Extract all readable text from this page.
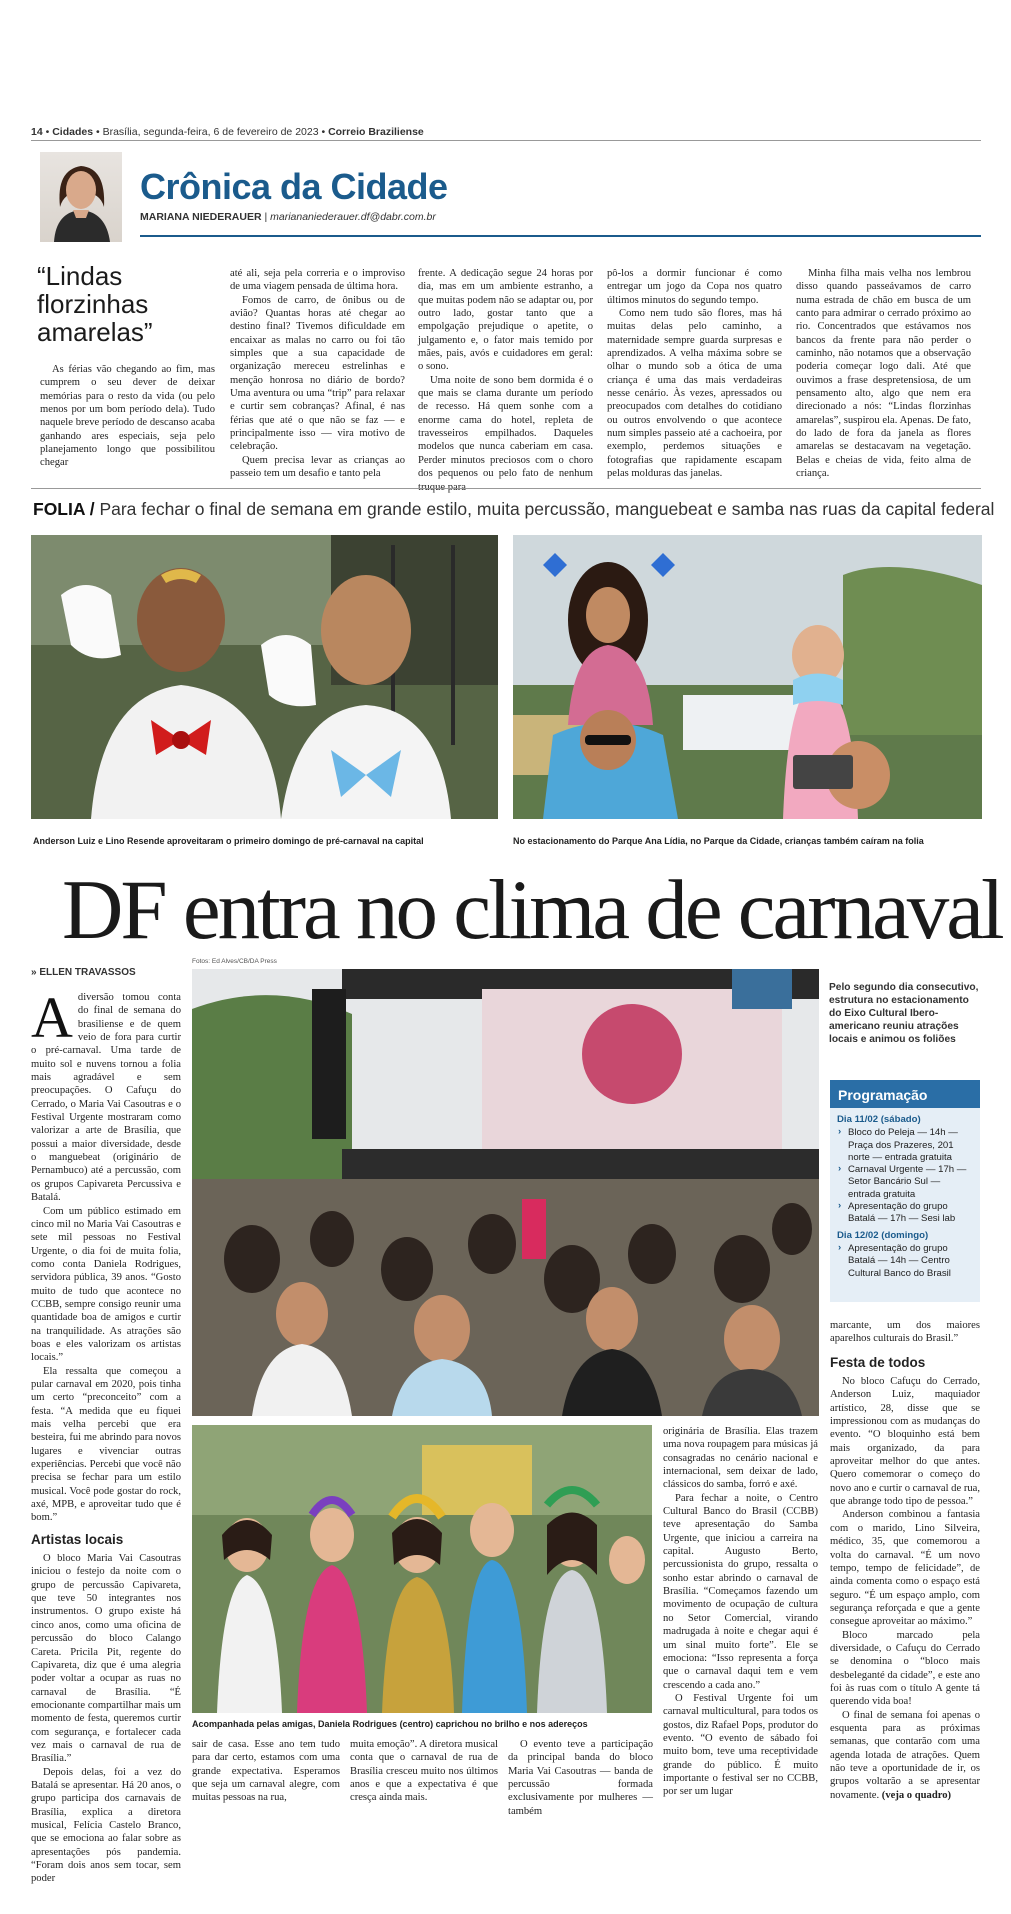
14 • Cidades • Brasília, segunda-feira, 6 de fevereiro de 2023 • Correio Braziliense
Crônica da Cidade
MARIANA NIEDERAUER | mariananiederauer.df@dabr.com.br
“Lindas florzinhas amarelas”

As férias vão chegando ao fim, mas cumprem o seu dever de deixar memórias para o resto da vida (ou pelo menos por um bom período dela). Tudo naquele breve período de descanso acaba ganhando ares especiais, seja pelo planejamento longo que possibilitou chegar

até ali, seja pela correria e o improviso de uma viagem pensada de última hora.

Fomos de carro, de ônibus ou de avião? Quantas horas até chegar ao destino final? Tivemos dificuldade em encaixar as malas no carro ou foi tão simples que a sua capacidade de organização mereceu estrelinhas e menção honrosa no diário de bordo? Uma aventura ou uma “trip” para relaxar e curtir sem cobranças? Afinal, é nas férias que até o que não se faz — e principalmente isso — vira motivo de celebração.

Quem precisa levar as crianças ao passeio tem um desafio e tanto pela

frente. A dedicação segue 24 horas por dia, mas em um ambiente estranho, a que muitas podem não se adaptar ou, por outro lado, gostar tanto que a empolgação prejudique o apetite, o julgamento e, o fator mais temido por mães, pais, avós e cuidadores em geral: o sono.

Uma noite de sono bem dormida é o que mais se clama durante um período de recesso. Há quem sonhe com a enorme cama do hotel, repleta de travesseiros empilhados. Daqueles modelos que nunca caberiam em casa. Perder minutos preciosos com o choro dos pequenos ou pelo fato de nenhum truque para

pô-los a dormir funcionar é como entregar um jogo da Copa nos quatro últimos minutos do segundo tempo.

Como nem tudo são flores, mas há muitas delas pelo caminho, a maternidade sempre guarda surpresas e aprendizados. A velha máxima sobre se olhar o mundo sob a ótica de uma criança é uma das mais verdadeiras nesse cenário. Às vezes, apressados ou preocupados com detalhes do cotidiano ou outros envolvendo o que acontece num simples passeio até a cachoeira, por exemplo, perdemos situações e fotografias que rapidamente escapam pelas molduras das janelas.

Minha filha mais velha nos lembrou disso quando passeávamos de carro numa estrada de chão em busca de um canto para admirar o cerrado próximo ao rio. Concentrados que estávamos nos bancos da frente para não perder o caminho, não notamos que a observação poderia começar logo dali. Até que ouvimos a frase despretensiosa, de um pensamento alto, algo que nem era direcionado a nós: “Lindas florzinhas amarelas”, suspirou ela. Apenas. De fato, do lado de fora da janela as flores amarelas se destacavam na vegetação. Belas e cheias de vida, feito alma de criança.

FOLIA / Para fechar o final de semana em grande estilo, muita percussão, manguebeat e samba nas ruas da capital federal
Anderson Luiz e Lino Resende aproveitaram o primeiro domingo de pré-carnaval na capital	No estacionamento do Parque Ana Lídia, no Parque da Cidade, crianças também caíram na folia
DF entra no clima de carnaval
» ELLEN TRAVASSOS
Fotos: Ed Alves/CB/DA Press

A diversão tomou conta do final de semana do brasiliense e de quem veio de fora para curtir o pré-carnaval. Uma tarde de muito sol e nuvens tornou a folia mais agradável e sem preocupações. O Cafuçu do Cerrado, o Maria Vai Casoutras e o Festival Urgente mostraram como valorizar a arte de Brasília, que possui a maior diversidade, desde o manguebeat (originário de Pernambuco) até a percussão, com os grupos Capivareta Percussiva e Batalá.

Com um público estimado em cinco mil no Maria Vai Casoutras e sete mil pessoas no Festival Urgente, o dia foi de muita folia, como conta Daniela Rodrigues, servidora pública, 39 anos. “Gosto muito de tudo que acontece no CCBB, sempre consigo reunir uma quantidade boa de amigos e curtir na tranquilidade. As atrações são boas e eles valorizam os artistas locais.”

Ela ressalta que começou a pular carnaval em 2020, pois tinha um certo “preconceito” com a festa. “A medida que eu fiquei mais velha percebi que era besteira, fui me abrindo para novos lugares e vivenciar outras experiências. Percebi que você não precisa se fechar para um estilo musical. Você pode gostar do rock, axé, MPB, e aproveitar tudo que é bom.”

Artistas locais

O bloco Maria Vai Casoutras iniciou o festejo da noite com o grupo de percussão Capivareta, que teve 50 integrantes nos instrumentos. O grupo existe há cinco anos, como uma oficina de percussão do bloco Calango Careta. Pricila Pit, regente do Capivareta, diz que é uma alegria poder voltar a ocupar as ruas no carnaval de Brasília. “É emocionante compartilhar mais um momento de festa, queremos curtir com segurança, e fortalecer cada vez mais o carnaval de rua de Brasília.”

Depois delas, foi a vez do Batalá se apresentar. Há 20 anos, o grupo participa dos carnavais de Brasília, explica a diretora musical, Felícia Castelo Branco, que se emociona ao falar sobre as apresentações pós pandemia. “Foram dois anos sem tocar, sem poder

Pelo segundo dia consecutivo, estrutura no estacionamento do Eixo Cultural Ibero-americano reuniu atrações locais e animou os foliões
Programação
Dia 11/02 (sábado)
› Bloco do Peleja — 14h — Praça dos Prazeres, 201 norte — entrada gratuita
› Carnaval Urgente — 17h — Setor Bancário Sul — entrada gratuita
› Apresentação do grupo Batalá — 17h — Sesi lab
Dia 12/02 (domingo)
› Apresentação do grupo Batalá — 14h — Centro Cultural Banco do Brasil
Acompanhada pelas amigas, Daniela Rodrigues (centro) caprichou no brilho e nos adereços

sair de casa. Esse ano tem tudo para dar certo, estamos com uma grande expectativa. Esperamos que seja um carnaval alegre, com muitas pessoas na rua,

muita emoção”. A diretora musical conta que o carnaval de rua de Brasília cresceu muito nos últimos anos e que a expectativa é que cresça ainda mais.

O evento teve a participação da principal banda do bloco Maria Vai Casoutras — banda de percussão formada exclusivamente por mulheres — também

originária de Brasília. Elas trazem uma nova roupagem para músicas já consagradas no cenário nacional e internacional, sem deixar de lado, clássicos do samba, forró e axé.

Para fechar a noite, o Centro Cultural Banco do Brasil (CCBB) teve apresentação do Samba Urgente, que iniciou a carreira na capital. Augusto Berto, percussionista do grupo, ressalta o sonho estar abrindo o carnaval de Brasília. “Começamos fazendo um movimento de ocupação de cultura no Setor Comercial, virando madrugada à noite e chegar aqui é um sinal muito forte”. Ele se emociona: “Isso representa a força que o carnaval daqui tem e vem crescendo a cada ano.”

O Festival Urgente foi um carnaval multicultural, para todos os gostos, diz Rafael Pops, produtor do evento. “O evento de sábado foi muito bom, teve uma receptividade grande do público. É muito importante o festival ser no CCBB, por ser um lugar

marcante, um dos maiores aparelhos culturais do Brasil.”

Festa de todos

No bloco Cafuçu do Cerrado, Anderson Luiz, maquiador artístico, 28, disse que se impressionou com as mudanças do evento. “O bloquinho está bem mais organizado, da para aproveitar melhor do que antes. Quero comemorar o começo do novo ano e curtir o carnaval de rua, que abrange todo tipo de pessoa.”

Anderson combinou a fantasia com o marido, Lino Silveira, médico, 35, que comemorou a volta do carnaval. “É um novo tempo, tempo de felicidade”, de ainda comenta como o espaço está seguro. “É um espaço amplo, com segurança reforçada e que a gente consegue aproveitar ao máximo.”

Bloco marcado pela diversidade, o Cafuçu do Cerrado se denomina o “bloco mais desbeleganté da cidade”, e este ano foi às ruas com o título A gente tá querendo vida boa!

O final de semana foi apenas o esquenta para as próximas semanas, que contarão com uma agenda lotada de atrações. Quem não teve a oportunidade de ir, os grupos voltarão a se apresentar novamente. (veja o quadro)
